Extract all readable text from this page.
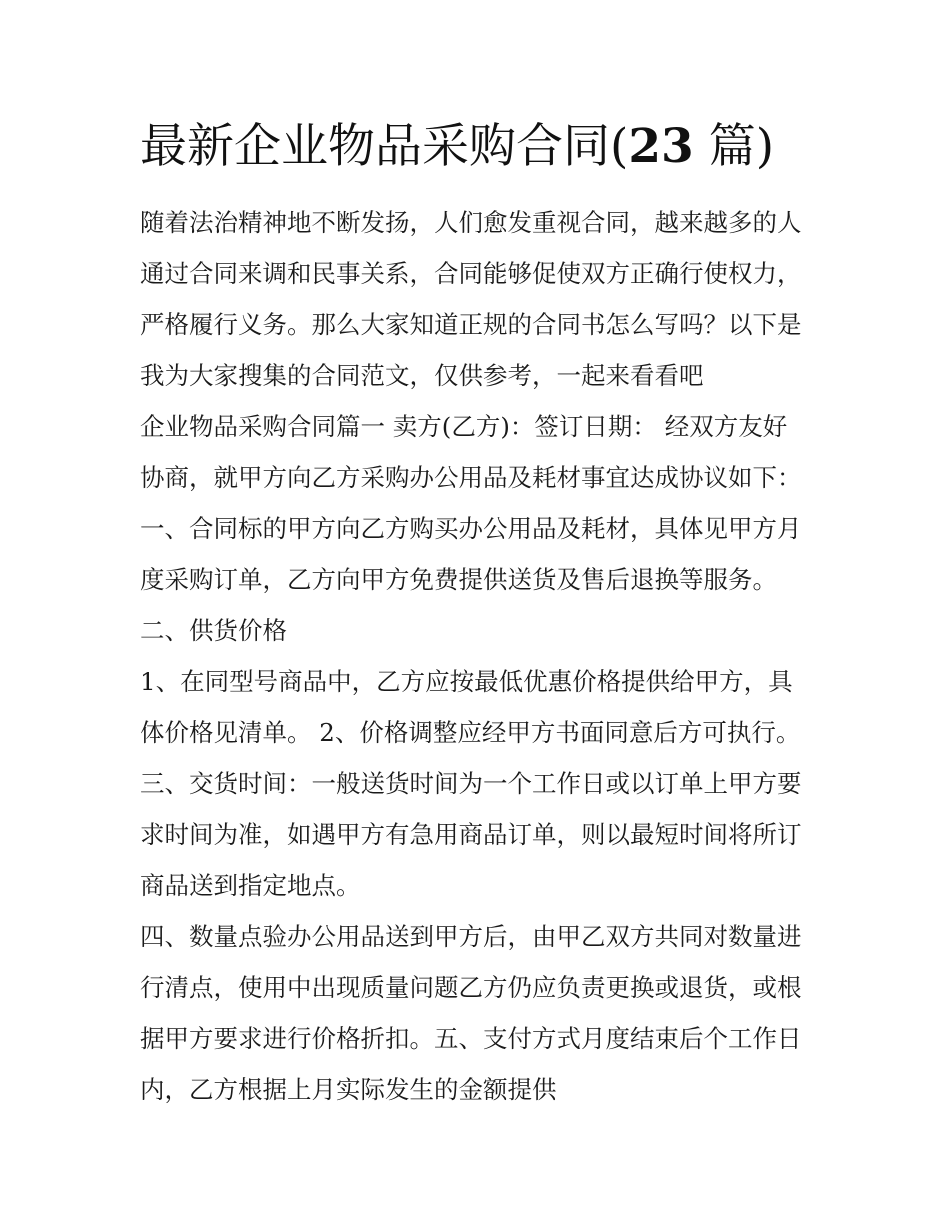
最新企业物品采购合同(23 篇)

随着法治精神地不断发扬，人们愈发重视合同，越来越多的人

通过合同来调和民事关系，合同能够促使双方正确行使权力，

严格履行义务。那么大家知道正规的合同书怎么写吗？以下是

我为大家搜集的合同范文，仅供参考，一起来看看吧

企业物品采购合同篇一 卖方(乙方)：签订日期： 经双方友好

协商，就甲方向乙方采购办公用品及耗材事宜达成协议如下：

一、合同标的甲方向乙方购买办公用品及耗材，具体见甲方月

度采购订单，乙方向甲方免费提供送货及售后退换等服务。

二、供货价格

1、在同型号商品中，乙方应按最低优惠价格提供给甲方，具

体价格见清单。 2、价格调整应经甲方书面同意后方可执行。

三、交货时间：一般送货时间为一个工作日或以订单上甲方要

求时间为准，如遇甲方有急用商品订单，则以最短时间将所订

商品送到指定地点。

四、数量点验办公用品送到甲方后，由甲乙双方共同对数量进

行清点，使用中出现质量问题乙方仍应负责更换或退货，或根

据甲方要求进行价格折扣。五、支付方式月度结束后个工作日

内，乙方根据上月实际发生的金额提供
